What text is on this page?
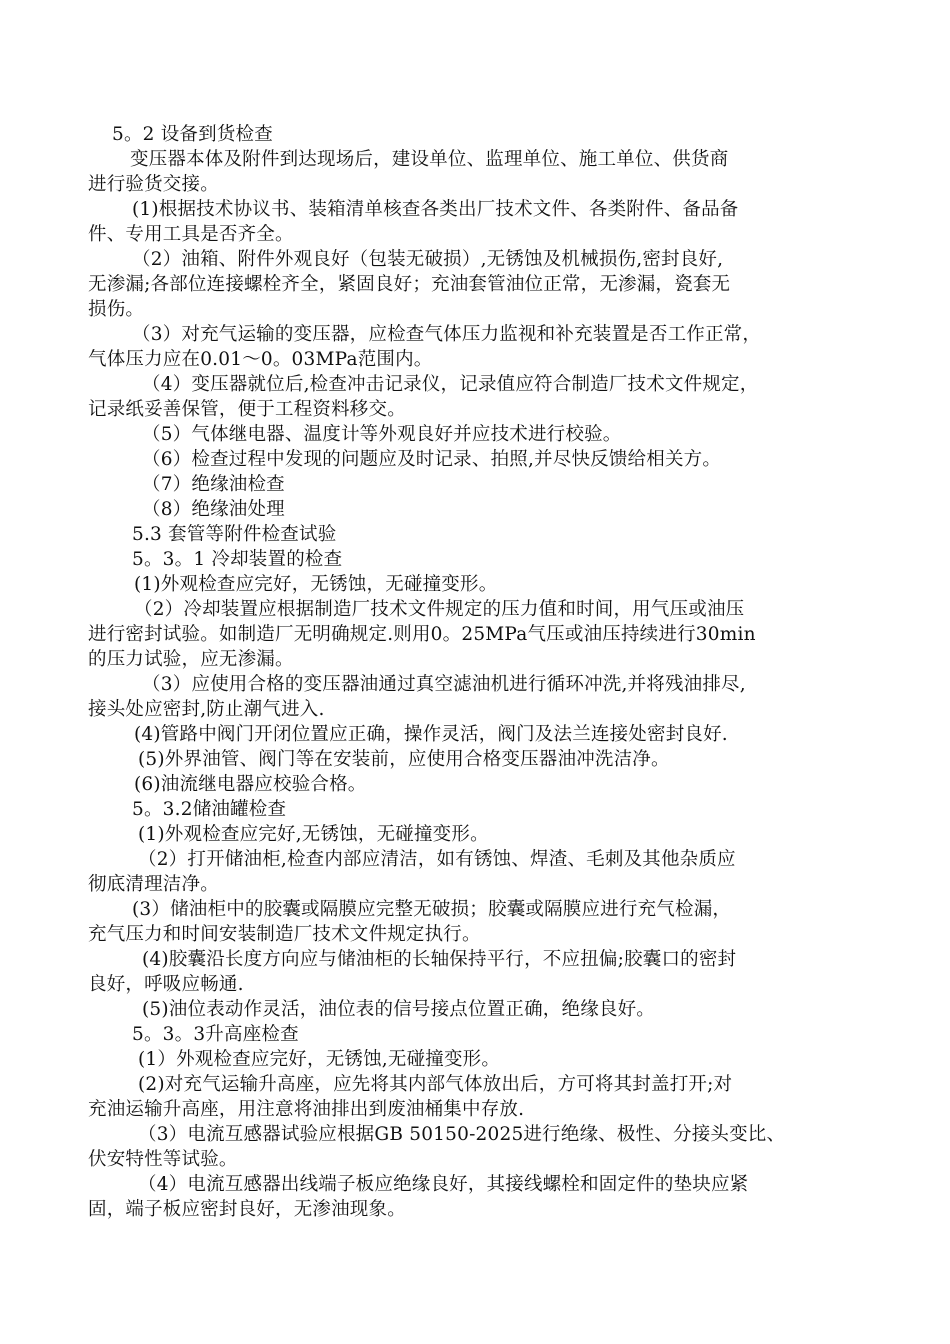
5。2 设备到货检查
变压器本体及附件到达现场后，建设单位、监理单位、施工单位、供货商
进行验货交接。
(1)根据技术协议书、装箱清单核查各类出厂技术文件、各类附件、备品备
件、专用工具是否齐全。
（2）油箱、附件外观良好（包装无破损）,无锈蚀及机械损伤,密封良好,
无渗漏;各部位连接螺栓齐全，紧固良好；充油套管油位正常，无渗漏，瓷套无
损伤。
（3）对充气运输的变压器，应检查气体压力监视和补充装置是否工作正常，
气体压力应在0.01～0。03MPa范围内。
（4）变压器就位后,检查冲击记录仪，记录值应符合制造厂技术文件规定，
记录纸妥善保管，便于工程资料移交。
（5）气体继电器、温度计等外观良好并应技术进行校验。
（6）检查过程中发现的问题应及时记录、拍照,并尽快反馈给相关方。
（7）绝缘油检查
（8）绝缘油处理
5.3 套管等附件检查试验
5。3。1 冷却装置的检查
(1)外观检查应完好，无锈蚀，无碰撞变形。
（2）冷却装置应根据制造厂技术文件规定的压力值和时间，用气压或油压
进行密封试验。如制造厂无明确规定.则用0。25MPa气压或油压持续进行30min
的压力试验，应无渗漏。
（3）应使用合格的变压器油通过真空滤油机进行循环冲洗,并将残油排尽,
接头处应密封,防止潮气进入.
(4)管路中阀门开闭位置应正确，操作灵活，阀门及法兰连接处密封良好.
(5)外界油管、阀门等在安装前，应使用合格变压器油冲洗洁净。
(6)油流继电器应校验合格。
5。3.2储油罐检查
(1)外观检查应完好,无锈蚀，无碰撞变形。
（2）打开储油柜,检查内部应清洁，如有锈蚀、焊渣、毛刺及其他杂质应
彻底清理洁净。
(3）储油柜中的胶囊或隔膜应完整无破损；胶囊或隔膜应进行充气检漏，
充气压力和时间安装制造厂技术文件规定执行。
(4)胶囊沿长度方向应与储油柜的长轴保持平行，不应扭偏;胶囊口的密封
良好，呼吸应畅通.
(5)油位表动作灵活，油位表的信号接点位置正确，绝缘良好。
5。3。3升高座检查
(1）外观检查应完好，无锈蚀,无碰撞变形。
(2)对充气运输升高座，应先将其内部气体放出后，方可将其封盖打开;对
充油运输升高座，用注意将油排出到废油桶集中存放.
（3）电流互感器试验应根据GB 50150-2025进行绝缘、极性、分接头变比、
伏安特性等试验。
（4）电流互感器出线端子板应绝缘良好，其接线螺栓和固定件的垫块应紧
固，端子板应密封良好，无渗油现象。
